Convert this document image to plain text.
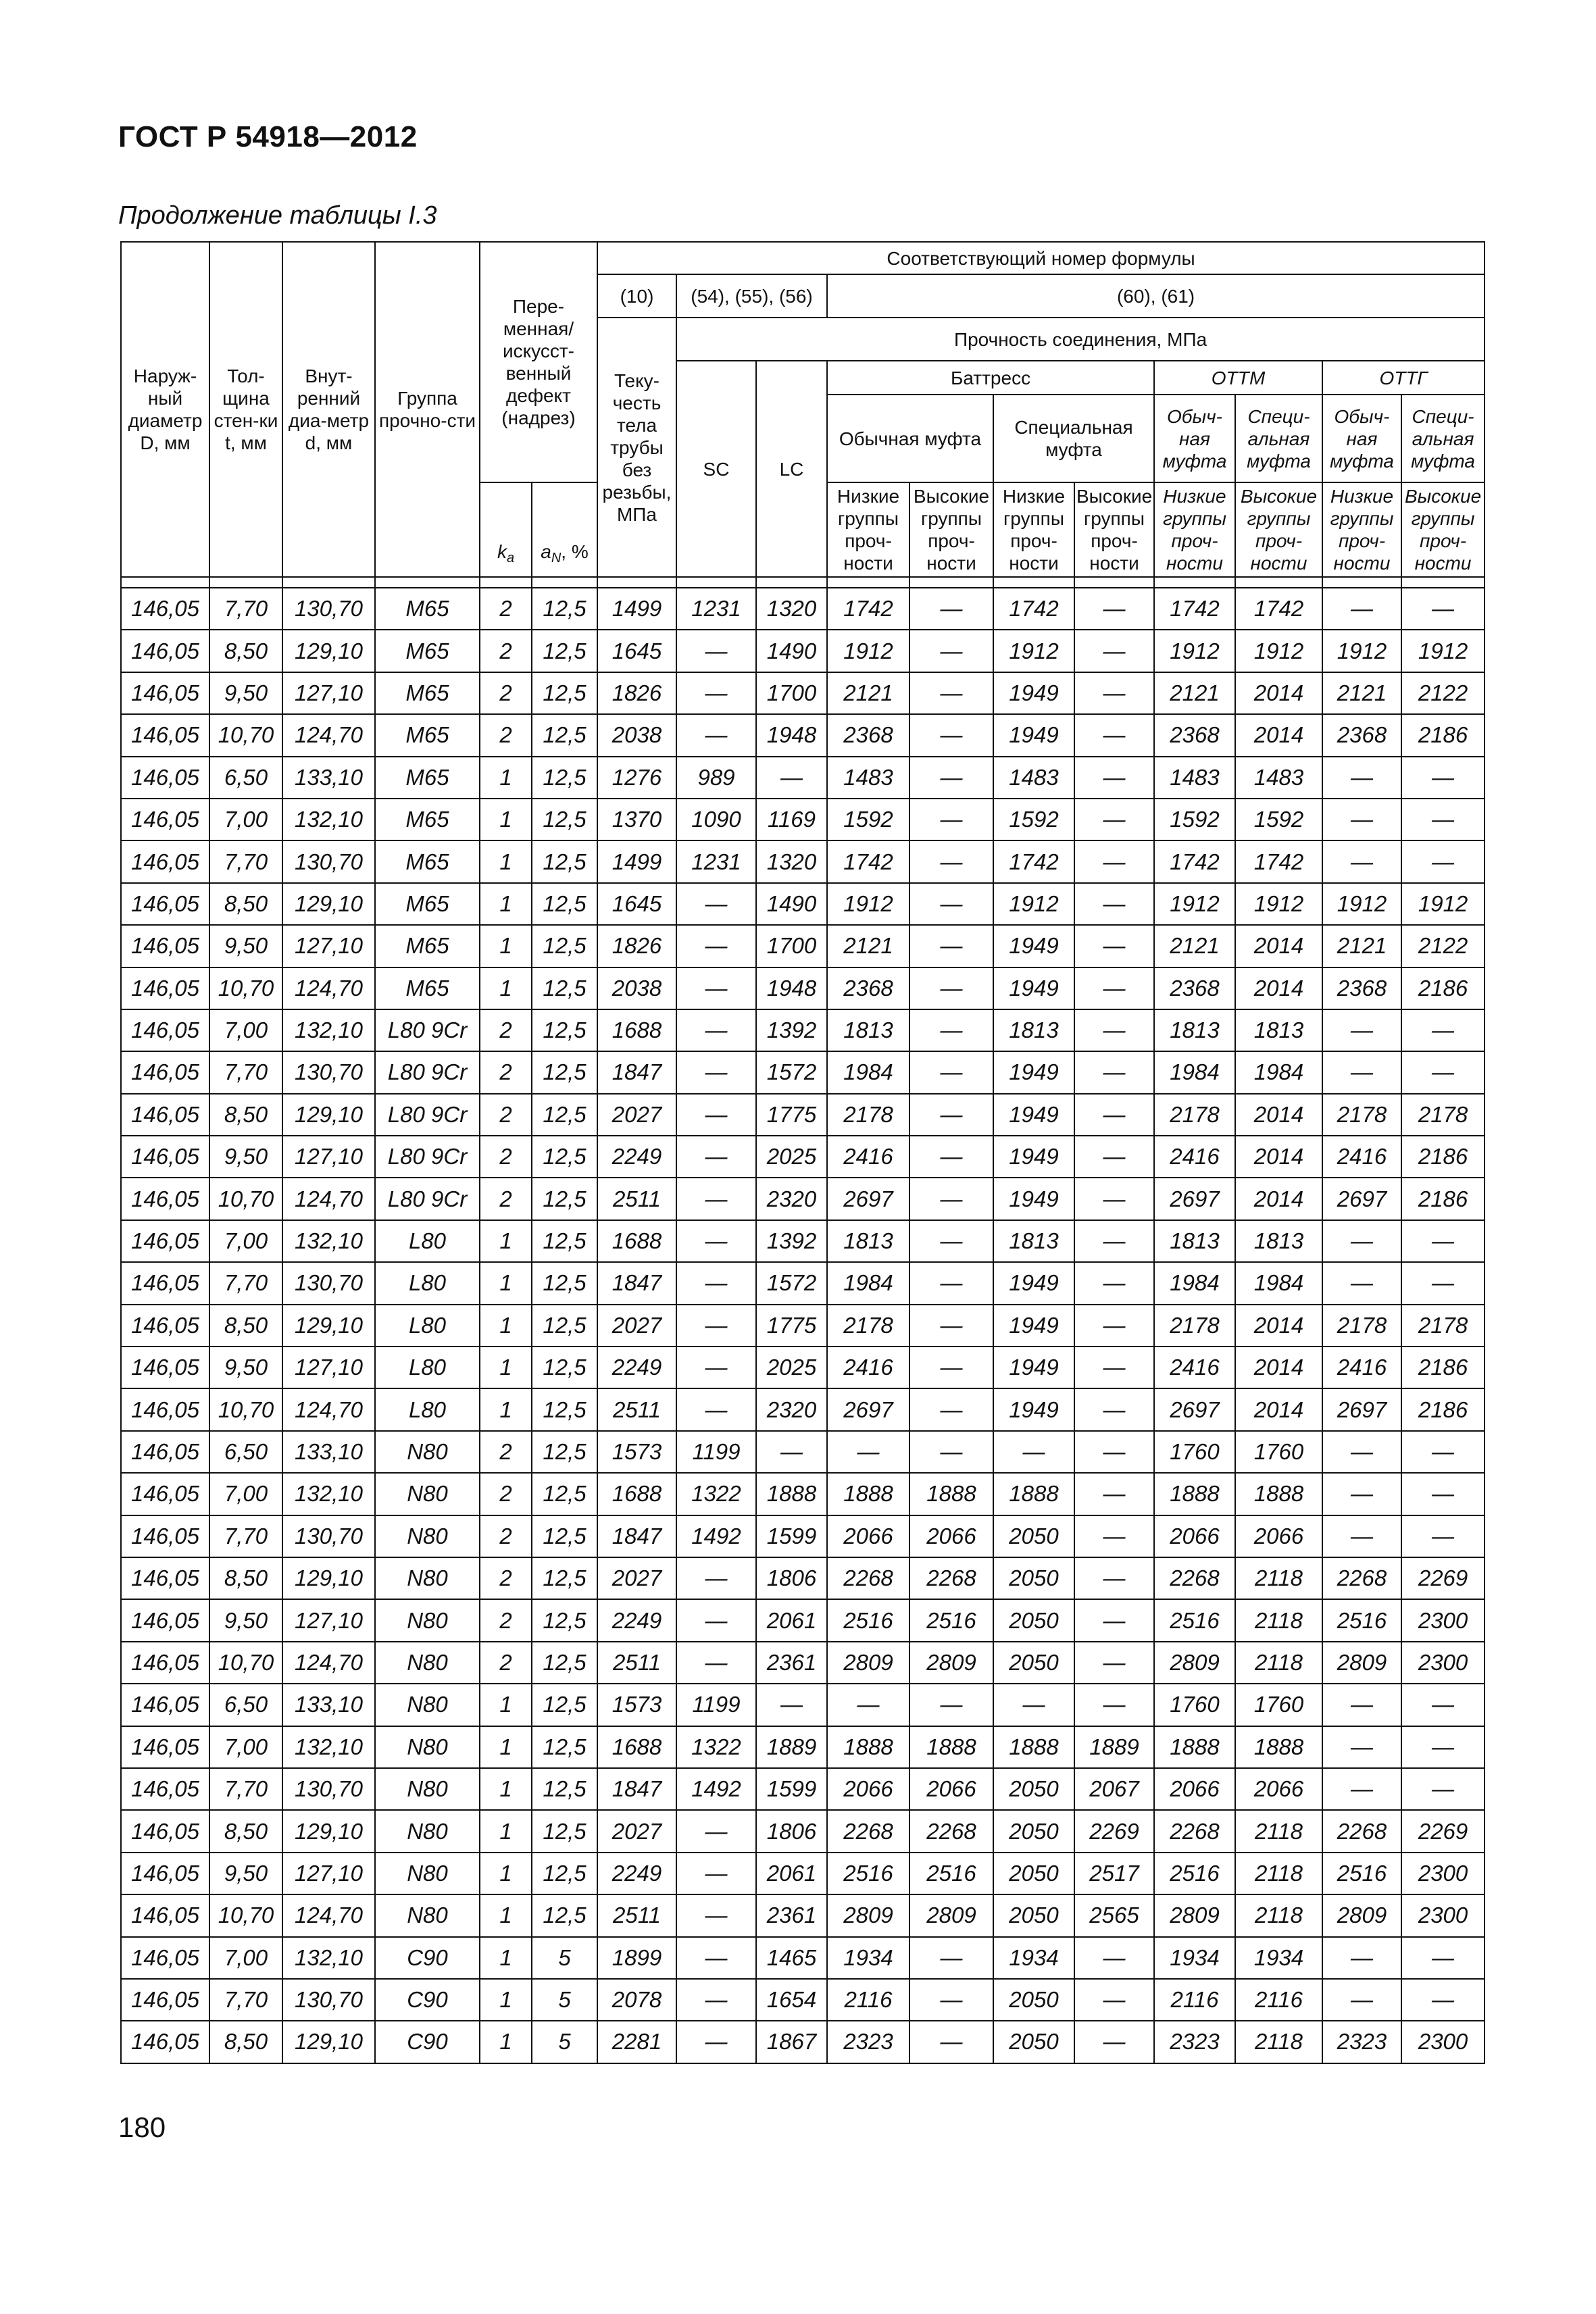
ГОСТ Р 54918—2012
Продолжение таблицы I.3
Наруж-ный диаметр D, мм	Тол-щина стен-ки t, мм	Внут-ренний диа-метр d, мм	Группа прочно-сти	Пере-менная/ искусст-венный дефект (надрез)		Соответствующий номер формулы										
						(10)	(54), (55), (56)		(60), (61)							
						Теку-честь тела трубы без резьбы, МПа	Прочность соединения, МПа									
							SC	LC	Баттресс				ОТТМ		ОТТГ	
									Обычная муфта		Специальная муфта		Обыч-ная муфта	Специ-альная муфта	Обыч-ная муфта	Специ-альная муфта
				$k_a$	$a_N$, %				Низкие группы проч-ности	Высокие группы проч-ности	Низкие группы проч-ности	Высокие группы проч-ности	Низкие группы проч-ности	Высокие группы проч-ности	Низкие группы проч-ности	Высокие группы проч-ности

146,05	7,70	130,70	M65	2	12,5	1499	1231	1320	1742	—	1742	—	1742	1742	—	—
146,05	8,50	129,10	M65	2	12,5	1645	—	1490	1912	—	1912	—	1912	1912	1912	1912
146,05	9,50	127,10	M65	2	12,5	1826	—	1700	2121	—	1949	—	2121	2014	2121	2122
146,05	10,70	124,70	M65	2	12,5	2038	—	1948	2368	—	1949	—	2368	2014	2368	2186
146,05	6,50	133,10	M65	1	12,5	1276	989	—	1483	—	1483	—	1483	1483	—	—
146,05	7,00	132,10	M65	1	12,5	1370	1090	1169	1592	—	1592	—	1592	1592	—	—
146,05	7,70	130,70	M65	1	12,5	1499	1231	1320	1742	—	1742	—	1742	1742	—	—
146,05	8,50	129,10	M65	1	12,5	1645	—	1490	1912	—	1912	—	1912	1912	1912	1912
146,05	9,50	127,10	M65	1	12,5	1826	—	1700	2121	—	1949	—	2121	2014	2121	2122
146,05	10,70	124,70	M65	1	12,5	2038	—	1948	2368	—	1949	—	2368	2014	2368	2186
146,05	7,00	132,10	L80 9Cr	2	12,5	1688	—	1392	1813	—	1813	—	1813	1813	—	—
146,05	7,70	130,70	L80 9Cr	2	12,5	1847	—	1572	1984	—	1949	—	1984	1984	—	—
146,05	8,50	129,10	L80 9Cr	2	12,5	2027	—	1775	2178	—	1949	—	2178	2014	2178	2178
146,05	9,50	127,10	L80 9Cr	2	12,5	2249	—	2025	2416	—	1949	—	2416	2014	2416	2186
146,05	10,70	124,70	L80 9Cr	2	12,5	2511	—	2320	2697	—	1949	—	2697	2014	2697	2186
146,05	7,00	132,10	L80	1	12,5	1688	—	1392	1813	—	1813	—	1813	1813	—	—
146,05	7,70	130,70	L80	1	12,5	1847	—	1572	1984	—	1949	—	1984	1984	—	—
146,05	8,50	129,10	L80	1	12,5	2027	—	1775	2178	—	1949	—	2178	2014	2178	2178
146,05	9,50	127,10	L80	1	12,5	2249	—	2025	2416	—	1949	—	2416	2014	2416	2186
146,05	10,70	124,70	L80	1	12,5	2511	—	2320	2697	—	1949	—	2697	2014	2697	2186
146,05	6,50	133,10	N80	2	12,5	1573	1199	—	—	—	—	—	1760	1760	—	—
146,05	7,00	132,10	N80	2	12,5	1688	1322	1888	1888	1888	1888	—	1888	1888	—	—
146,05	7,70	130,70	N80	2	12,5	1847	1492	1599	2066	2066	2050	—	2066	2066	—	—
146,05	8,50	129,10	N80	2	12,5	2027	—	1806	2268	2268	2050	—	2268	2118	2268	2269
146,05	9,50	127,10	N80	2	12,5	2249	—	2061	2516	2516	2050	—	2516	2118	2516	2300
146,05	10,70	124,70	N80	2	12,5	2511	—	2361	2809	2809	2050	—	2809	2118	2809	2300
146,05	6,50	133,10	N80	1	12,5	1573	1199	—	—	—	—	—	1760	1760	—	—
146,05	7,00	132,10	N80	1	12,5	1688	1322	1889	1888	1888	1888	1889	1888	1888	—	—
146,05	7,70	130,70	N80	1	12,5	1847	1492	1599	2066	2066	2050	2067	2066	2066	—	—
146,05	8,50	129,10	N80	1	12,5	2027	—	1806	2268	2268	2050	2269	2268	2118	2268	2269
146,05	9,50	127,10	N80	1	12,5	2249	—	2061	2516	2516	2050	2517	2516	2118	2516	2300
146,05	10,70	124,70	N80	1	12,5	2511	—	2361	2809	2809	2050	2565	2809	2118	2809	2300
146,05	7,00	132,10	C90	1	5	1899	—	1465	1934	—	1934	—	1934	1934	—	—
146,05	7,70	130,70	C90	1	5	2078	—	1654	2116	—	2050	—	2116	2116	—	—
146,05	8,50	129,10	C90	1	5	2281	—	1867	2323	—	2050	—	2323	2118	2323	2300
180
